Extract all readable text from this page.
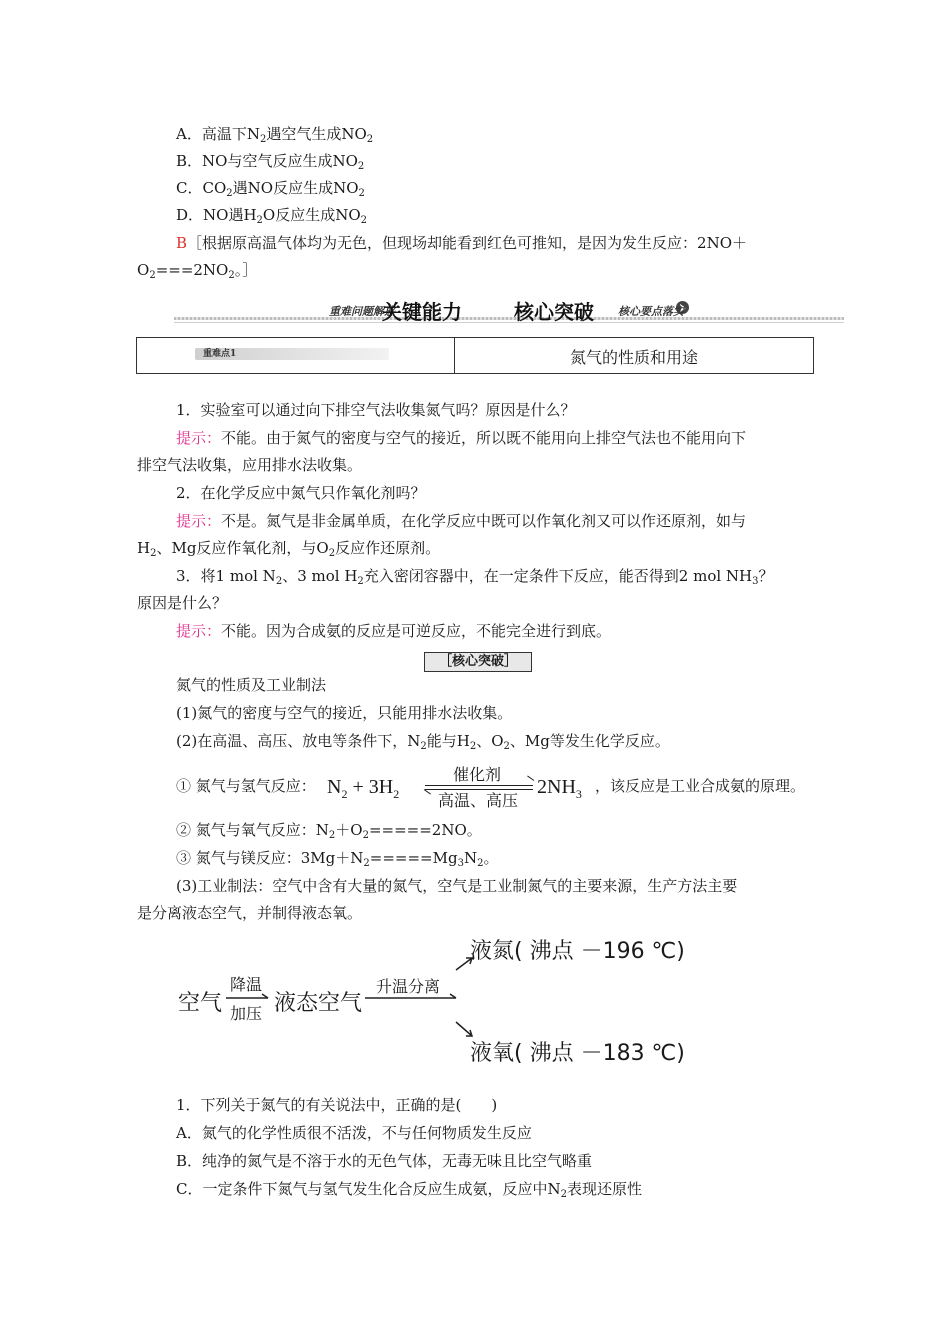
A．高温下$N_2$遇空气生成$NO_2$
B．NO与空气反应生成$NO_2$
C．$CO_2$遇NO反应生成$NO_2$
D．NO遇$H_2O$反应生成$NO_2$
B［根据原高温气体均为无色，但现场却能看到红色可推知，是因为发生反应：2NO＋
$O_2===2NO_2$。］
重难问题解惑
关键能力	核心突破 核心要点落实
重难点1	氮气的性质和用途
1．实验室可以通过向下排空气法收集氮气吗？原因是什么？
提示：不能。由于氮气的密度与空气的接近，所以既不能用向上排空气法也不能用向下
排空气法收集，应用排水法收集。
2．在化学反应中氮气只作氧化剂吗？
提示：不是。氮气是非金属单质，在化学反应中既可以作氧化剂又可以作还原剂，如与
$H_2$、Mg反应作氧化剂，与$O_2$反应作还原剂。
3．将1 mol $N_2$、3 mol $H_2$充入密闭容器中，在一定条件下反应，能否得到2 mol $NH_3$？
原因是什么？
提示：不能。因为合成氨的反应是可逆反应，不能完全进行到底。
［核心突破］
氮气的性质及工业制法
(1)氮气的密度与空气的接近，只能用排水法收集。
(2)在高温、高压、放电等条件下，$N_2$能与$H_2$、$O_2$、Mg等发生化学反应。
① 氮气与氢气反应： $N_2 + 3H_2$
催化剂
高温、高压
$2NH_3$ ，该反应是工业合成氨的原理。
② 氮气与氧气反应：$N_2+O_2=====2NO$。
③ 氮气与镁反应：$3Mg+N_2=====Mg_3N_2$。
(3)工业制法：空气中含有大量的氮气，空气是工业制氮气的主要来源，生产方法主要
是分离液态空气，并制得液态氧。
空气
降温
加压 液态空气
升温分离
液氮( 沸点 －196 ℃)
液氧( 沸点 －183 ℃)
1．下列关于氮气的有关说法中，正确的是(　　)
A．氮气的化学性质很不活泼，不与任何物质发生反应
B．纯净的氮气是不溶于水的无色气体，无毒无味且比空气略重
C．一定条件下氮气与氢气发生化合反应生成氨，反应中$N_2$表现还原性
